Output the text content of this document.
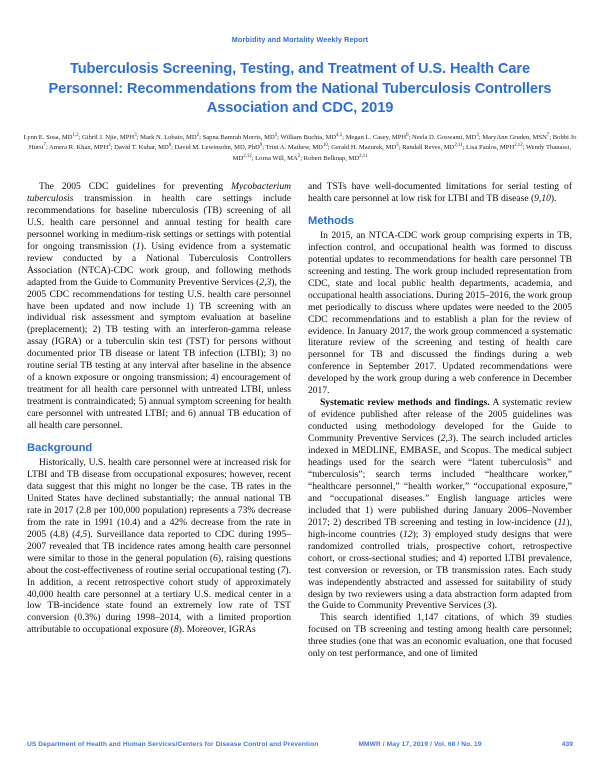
Morbidity and Mortality Weekly Report
Tuberculosis Screening, Testing, and Treatment of U.S. Health Care Personnel: Recommendations from the National Tuberculosis Controllers Association and CDC, 2019
Lynn E. Sosa, MD$^{1,2}$; Gibril J. Njie, MPH$^3$; Mark N. Lobato, $MD^2$; Sapna Bamrah Morris, $MD^3$; William Buchta, MD$^{4,5}$; Megan L. Casey, MPH$^6$; Neela D. Goswami, $MD^3$; MaryAnn Gruden, MSN$^7$; Bobbi Jo Hurst$^7$; Amera R. Khan, MPH$^3$; David T. Kuhar, $MD^8$; David M. Lewinsohn, MD, PhD$^9$; Trini A. Mathew, MD$^{10}$; Gerald H. Mazurek, $MD^3$; Randall Reves, MD$^{2,11}$; Lisa Paulos, MPH$^{2,12}$; Wendy Thanassi, MD$^{2,13}$; Lorna Will, $MA^2$; Robert Belknap, MD$^{2,11}$

The 2005 CDC guidelines for preventing Mycobacterium tuberculosis transmission in health care settings include recommendations for baseline tuberculosis (TB) screening of all U.S. health care personnel and annual testing for health care personnel working in medium-risk settings or settings with potential for ongoing transmission (1). Using evidence from a systematic review conducted by a National Tuberculosis Controllers Association (NTCA)-CDC work group, and following methods adapted from the Guide to Community Preventive Services (2,3), the 2005 CDC recommendations for testing U.S. health care personnel have been updated and now include 1) TB screening with an individual risk assessment and symptom evaluation at baseline (preplacement); 2) TB testing with an interferon-gamma release assay (IGRA) or a tuberculin skin test (TST) for persons without documented prior TB disease or latent TB infection (LTBI); 3) no routine serial TB testing at any interval after baseline in the absence of a known exposure or ongoing transmission; 4) encouragement of treatment for all health care personnel with untreated LTBI, unless treatment is contraindicated; 5) annual symptom screening for health care personnel with untreated LTBI; and 6) annual TB education of all health care personnel.

Background

Historically, U.S. health care personnel were at increased risk for LTBI and TB disease from occupational exposures; however, recent data suggest that this might no longer be the case. TB rates in the United States have declined substantially; the annual national TB rate in 2017 (2.8 per 100,000 population) represents a 73% decrease from the rate in 1991 (10.4) and a 42% decrease from the rate in 2005 (4.8) (4,5). Surveillance data reported to CDC during 1995–2007 revealed that TB incidence rates among health care personnel were similar to those in the general population (6), raising questions about the cost-effectiveness of routine serial occupational testing (7). In addition, a recent retrospective cohort study of approximately 40,000 health care personnel at a tertiary U.S. medical center in a low TB-incidence state found an extremely low rate of TST conversion (0.3%) during 1998–2014, with a limited proportion attributable to occupational exposure (8). Moreover, IGRAs

and TSTs have well-documented limitations for serial testing of health care personnel at low risk for LTBI and TB disease (9,10).

Methods

In 2015, an NTCA-CDC work group comprising experts in TB, infection control, and occupational health was formed to discuss potential updates to recommendations for health care personnel TB screening and testing. The work group included representation from CDC, state and local public health departments, academia, and occupational health associations. During 2015–2016, the work group met periodically to discuss where updates were needed to the 2005 CDC recommendations and to establish a plan for the review of evidence. In January 2017, the work group commenced a systematic literature review of the screening and testing of health care personnel for TB and discussed the findings during a web conference in September 2017. Updated recommendations were developed by the work group during a web conference in December 2017.

Systematic review methods and findings. A systematic review of evidence published after release of the 2005 guidelines was conducted using methodology developed for the Guide to Community Preventive Services (2,3). The search included articles indexed in MEDLINE, EMBASE, and Scopus. The medical subject headings used for the search were “latent tuberculosis” and “tuberculosis”; search terms included “healthcare worker,” “healthcare personnel,” “health worker,” “occupational exposure,” and “occupational diseases.” English language articles were included that 1) were published during January 2006–November 2017; 2) described TB screening and testing in low-incidence (11), high-income countries (12); 3) employed study designs that were randomized controlled trials, prospective cohort, retrospective cohort, or cross-sectional studies; and 4) reported LTBI prevalence, test conversion or reversion, or TB transmission rates. Each study was independently abstracted and assessed for suitability of study design by two reviewers using a data abstraction form adapted from the Guide to Community Preventive Services (3).

This search identified 1,147 citations, of which 39 studies focused on TB screening and testing among health care personnel; three studies (one that was an economic evaluation, one that focused only on test performance, and one of limited

US Department of Health and Human Services/Centers for Disease Control and Prevention	MMWR / May 17, 2019 / Vol. 68 / No. 19	439
